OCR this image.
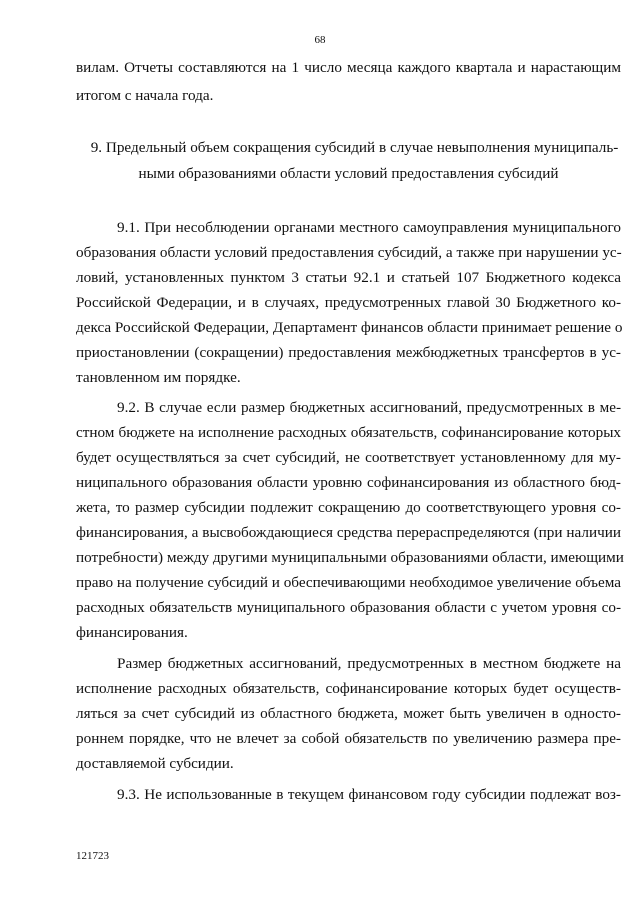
68
вилам. Отчеты составляются на 1 число месяца каждого квартала и нарастающим
итогом с начала года.
9. Предельный объем сокращения субсидий в случае невыполнения муниципаль-
ными образованиями области условий предоставления субсидий
9.1. При несоблюдении органами местного самоуправления муниципального
образования области условий предоставления субсидий, а также при нарушении ус-
ловий, установленных пунктом 3 статьи 92.1 и статьей 107 Бюджетного кодекса
Российской Федерации, и в случаях, предусмотренных главой 30 Бюджетного ко-
декса Российской Федерации, Департамент финансов области принимает решение о
приостановлении (сокращении) предоставления межбюджетных трансфертов в ус-
тановленном им порядке.
9.2. В случае если размер бюджетных ассигнований, предусмотренных в ме-
стном бюджете на исполнение расходных обязательств, софинансирование которых
будет осуществляться за счет субсидий, не соответствует установленному для му-
ниципального образования области уровню софинансирования из областного бюд-
жета, то размер субсидии подлежит сокращению до соответствующего уровня со-
финансирования, а высвобождающиеся средства перераспределяются (при наличии
потребности) между другими муниципальными образованиями области, имеющими
право на получение субсидий и обеспечивающими необходимое увеличение объема
расходных обязательств муниципального образования области с учетом уровня со-
финансирования.
Размер бюджетных ассигнований, предусмотренных в местном бюджете на
исполнение расходных обязательств, софинансирование которых будет осуществ-
ляться за счет субсидий из областного бюджета, может быть увеличен в односто-
роннем порядке, что не влечет за собой обязательств по увеличению размера пре-
доставляемой субсидии.
9.3. Не использованные в текущем финансовом году субсидии подлежат воз-
121723
